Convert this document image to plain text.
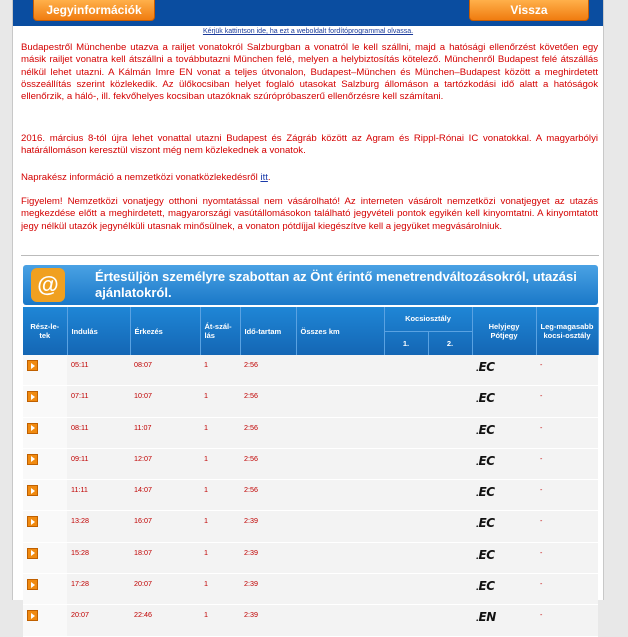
Jegyinformációk	Vissza
Kérjük kattintson ide, ha ezt a weboldalt fordítóprogrammal olvassa.

Budapestről Münchenbe utazva a railjet vonatokról Salzburgban a vonatról le kell szállni, majd a hatósági ellenőrzést követően egy másik railjet vonatra kell átszállni a továbbutazni München felé, melyen a helybiztosítás kötelező. Münchenről Budapest felé átszállás nélkül lehet utazni. A Kálmán Imre EN vonat a teljes útvonalon, Budapest–München és München–Budapest között a meghirdetett összeállítás szerint közlekedik. Az ülőkocsiban helyet foglaló utasokat Salzburg állomáson a tartózkodási idő alatt a hatóságok ellenőrzik, a háló-, ill. fekvőhelyes kocsiban utazóknak szúrópróbaszerű ellenőrzésre kell számítani.

2016. március 8-tól újra lehet vonattal utazni Budapest és Zágráb között az Agram és Rippl-Rónai IC vonatokkal. A magyarbólyi határállomáson keresztül viszont még nem közlekednek a vonatok.

Naprakész információ a nemzetközi vonatközlekedésről itt.

Figyelem! Nemzetközi vonatjegy otthoni nyomtatással nem vásárolható! Az interneten vásárolt nemzetközi vonatjegyet az utazás megkezdése előtt a meghirdetett, magyarországi vasútállomásokon található jegyvételi pontok egyikén kell kinyomtatni. A kinyomtatott jegy nélkül utazók jegynélküli utasnak minősülnek, a vonaton pótdíjjal kiegészítve kell a jegyüket megvásárolniuk.

@	Értesüljön személyre szabottan az Önt érintő menetrendváltozásokról, utazási ajánlatokról.
Rész-le-tek	Indulás	Érkezés	Át-szál-lás	Idő-tartam	Összes km	Kocsiosztály
1. 2.	Helyjegy Pótjegy	Leg-magasabb kocsi-osztály
	05:11	08:07	1	2:56			. EC	-
	07:11	10:07	1	2:56			. EC	-
	08:11	11:07	1	2:56			. EC	-
	09:11	12:07	1	2:56			. EC	-
	11:11	14:07	1	2:56			. EC	-
	13:28	16:07	1	2:39			. EC	-
	15:28	18:07	1	2:39			. EC	-
	17:28	20:07	1	2:39			. EC	-
	20:07	22:46	1	2:39			. EN	-
